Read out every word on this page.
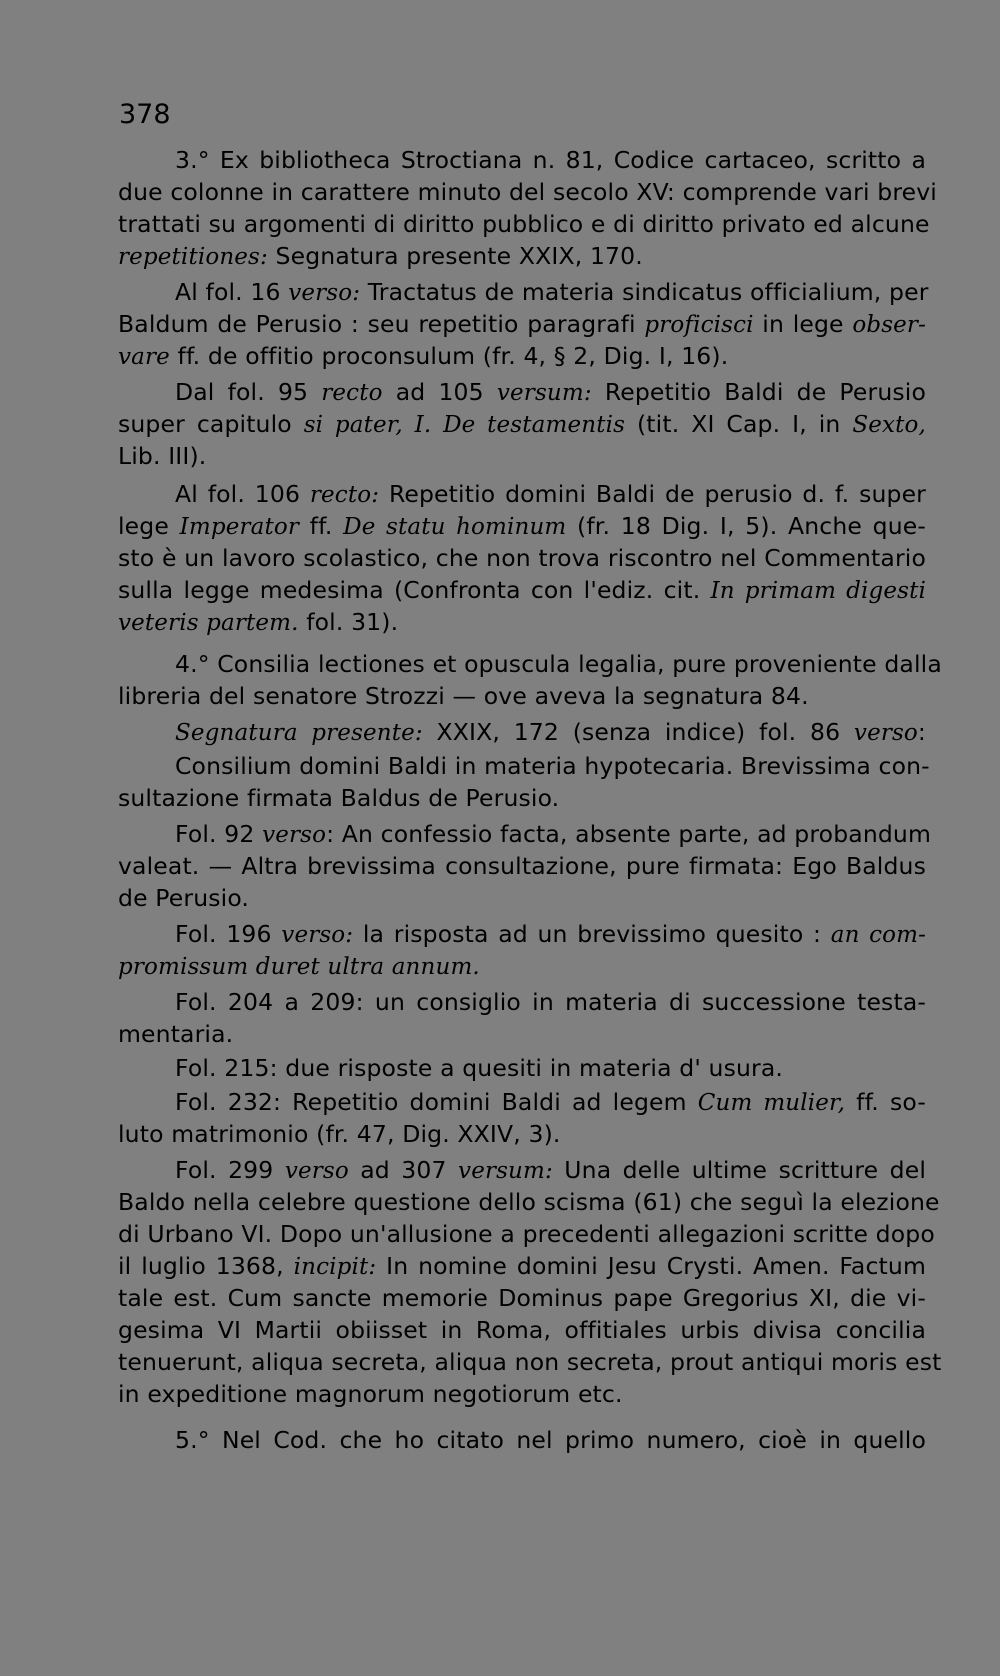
378
3.° Ex bibliotheca Stroctiana n. 81, Codice cartaceo, scritto a
due colonne in carattere minuto del secolo XV: comprende vari brevi
trattati su argomenti di diritto pubblico e di diritto privato ed alcune
repetitiones: Segnatura presente XXIX, 170.
Al fol. 16 verso: Tractatus de materia sindicatus officialium, per
Baldum de Perusio : seu repetitio paragrafi proficisci in lege obser-
vare ff. de offitio proconsulum (fr. 4, § 2, Dig. I, 16).
Dal fol. 95 recto ad 105 versum: Repetitio Baldi de Perusio
super capitulo si pater, I. De testamentis (tit. XI Cap. I, in Sexto,
Lib. III).
Al fol. 106 recto: Repetitio domini Baldi de perusio d. f. super
lege Imperator ff. De statu hominum (fr. 18 Dig. I, 5). Anche que-
sto è un lavoro scolastico, che non trova riscontro nel Commentario
sulla legge medesima (Confronta con l'ediz. cit. In primam digesti
veteris partem. fol. 31).
4.° Consilia lectiones et opuscula legalia, pure proveniente dalla
libreria del senatore Strozzi — ove aveva la segnatura 84.
Segnatura presente: XXIX, 172 (senza indice) fol. 86 verso:
Consilium domini Baldi in materia hypotecaria. Brevissima con-
sultazione firmata Baldus de Perusio.
Fol. 92 verso: An confessio facta, absente parte, ad probandum
valeat. — Altra brevissima consultazione, pure firmata: Ego Baldus
de Perusio.
Fol. 196 verso: la risposta ad un brevissimo quesito : an com-
promissum duret ultra annum.
Fol. 204 a 209: un consiglio in materia di successione testa-
mentaria.
Fol. 215: due risposte a quesiti in materia d' usura.
Fol. 232: Repetitio domini Baldi ad legem Cum mulier, ff. so-
luto matrimonio (fr. 47, Dig. XXIV, 3).
Fol. 299 verso ad 307 versum: Una delle ultime scritture del
Baldo nella celebre questione dello scisma (61) che seguì la elezione
di Urbano VI. Dopo un'allusione a precedenti allegazioni scritte dopo
il luglio 1368, incipit: In nomine domini Jesu Crysti. Amen. Factum
tale est. Cum sancte memorie Dominus pape Gregorius XI, die vi-
gesima VI Martii obiisset in Roma, offitiales urbis divisa concilia
tenuerunt, aliqua secreta, aliqua non secreta, prout antiqui moris est
in expeditione magnorum negotiorum etc.
5.° Nel Cod. che ho citato nel primo numero, cioè in quello
